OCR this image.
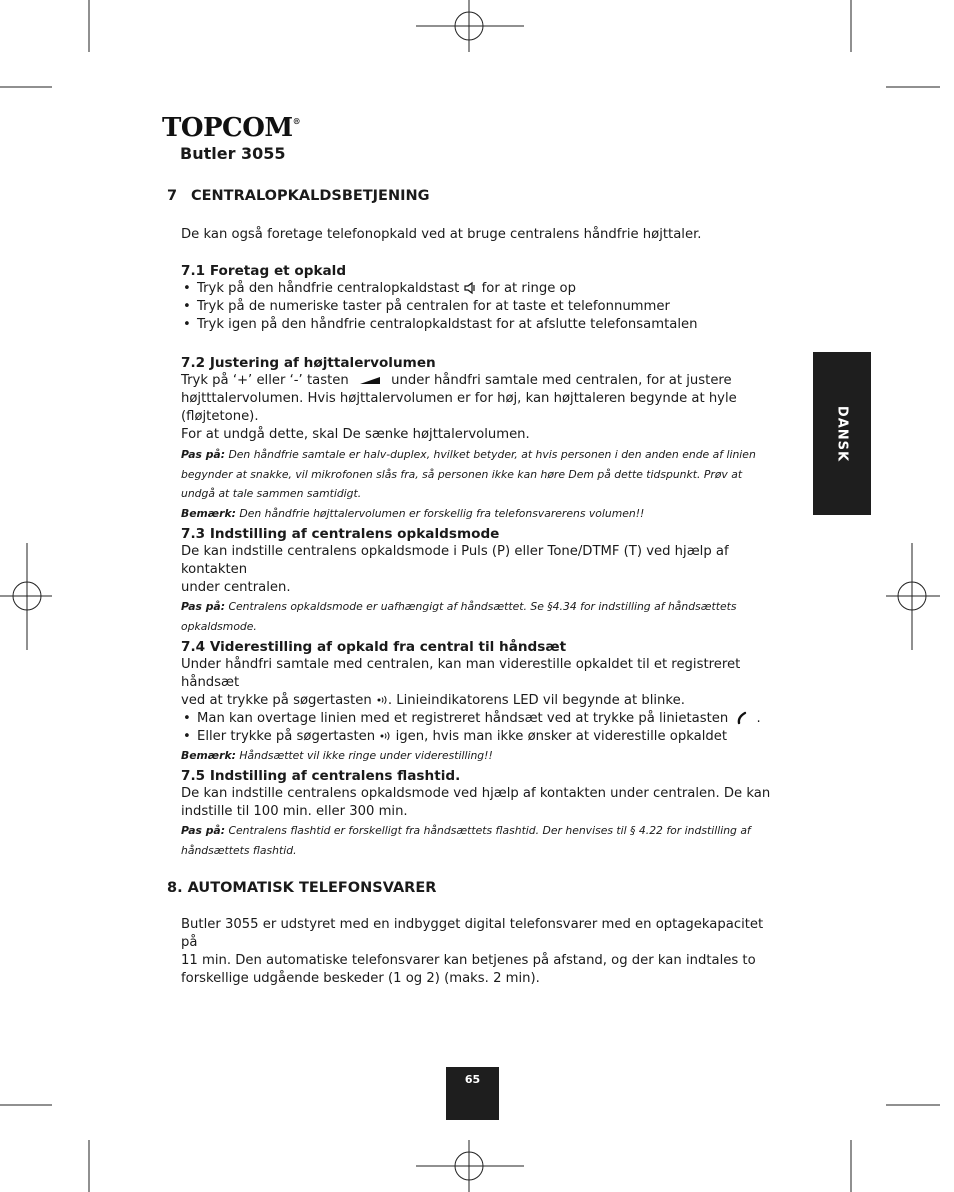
TOPCOM®
Butler 3055
7 CENTRALOPKALDSBETJENING
De kan også foretage telefonopkald ved at bruge centralens håndfrie højttaler.
7.1 Foretag et opkald
• Tryk på den håndfrie centralopkaldstast for at ringe op
• Tryk på de numeriske taster på centralen for at taste et telefonnummer
• Tryk igen på den håndfrie centralopkaldstast for at afslutte telefonsamtalen
7.2 Justering af højttalervolumen
Tryk på ‘+’ eller ‘-’ tasten	under håndfri samtale med centralen, for at justere
højtttalervolumen. Hvis højttalervolumen er for høj, kan højttaleren begynde at hyle (fløjtetone).
For at undgå dette, skal De sænke højttalervolumen.
Pas på: Den håndfrie samtale er halv-duplex, hvilket betyder, at hvis personen i den anden ende af linien
begynder at snakke, vil mikrofonen slås fra, så personen ikke kan høre Dem på dette tidspunkt. Prøv at
undgå at tale sammen samtidigt.
Bemærk: Den håndfrie højttalervolumen er forskellig fra telefonsvarerens volumen!!
7.3 Indstilling af centralens opkaldsmode
De kan indstille centralens opkaldsmode i Puls (P) eller Tone/DTMF (T) ved hjælp af kontakten
under centralen.
Pas på: Centralens opkaldsmode er uafhængigt af håndsættet. Se §4.34 for indstilling af håndsættets
opkaldsmode.
7.4 Viderestilling af opkald fra central til håndsæt
Under håndfri samtale med centralen, kan man viderestille opkaldet til et registreret håndsæt
ved at trykke på søgertasten . Linieindikatorens LED vil begynde at blinke.
• Man kan overtage linien med et registreret håndsæt ved at trykke på linietasten .
• Eller trykke på søgertasten igen, hvis man ikke ønsker at viderestille opkaldet
Bemærk: Håndsættet vil ikke ringe under viderestilling!!
7.5 Indstilling af centralens flashtid.
De kan indstille centralens opkaldsmode ved hjælp af kontakten under centralen. De kan
indstille til 100 min. eller 300 min.
Pas på: Centralens flashtid er forskelligt fra håndsættets flashtid. Der henvises til § 4.22 for indstilling af
håndsættets flashtid.
8. AUTOMATISK TELEFONSVARER
Butler 3055 er udstyret med en indbygget digital telefonsvarer med en optagekapacitet på
11 min. Den automatiske telefonsvarer kan betjenes på afstand, og der kan indtales to
forskellige udgående beskeder (1 og 2) (maks. 2 min).
DANSK
65
